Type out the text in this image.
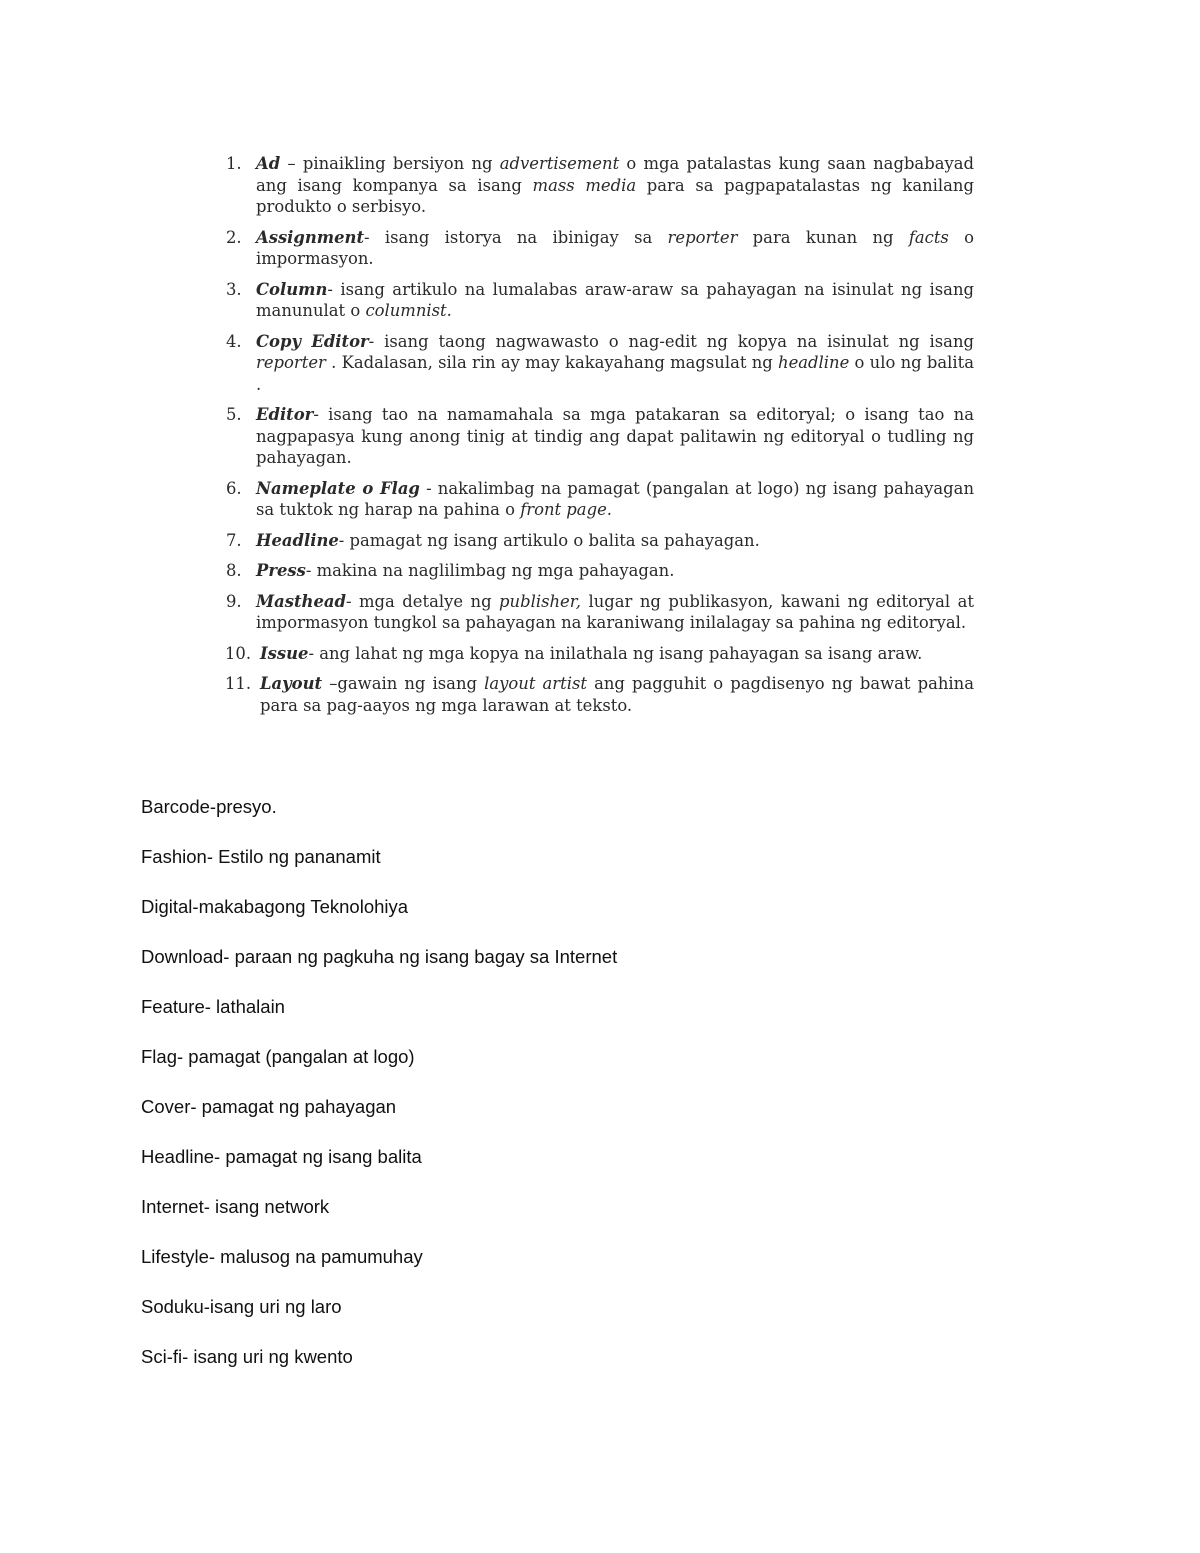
1. Ad – pinaikling bersiyon ng advertisement o mga patalastas kung saan nagbabayad ang isang kompanya sa isang mass media para sa pagpapatalastas ng kanilang produkto o serbisyo.
2. Assignment- isang istorya na ibinigay sa reporter para kunan ng facts o impormasyon.
3. Column- isang artikulo na lumalabas araw-araw sa pahayagan na isinulat ng isang manunulat o columnist.
4. Copy Editor- isang taong nagwawasto o nag-edit ng kopya na isinulat ng isang reporter . Kadalasan, sila rin ay may kakayahang magsulat ng headline o ulo ng balita .
5. Editor- isang tao na namamahala sa mga patakaran sa editoryal; o isang tao na nagpapasya kung anong tinig at tindig ang dapat palitawin ng editoryal o tudling ng pahayagan.
6. Nameplate o Flag - nakalimbag na pamagat (pangalan at logo) ng isang pahayagan sa tuktok ng harap na pahina o front page.
7. Headline- pamagat ng isang artikulo o balita sa pahayagan.
8. Press- makina na naglilimbag ng mga pahayagan.
9. Masthead- mga detalye ng publisher, lugar ng publikasyon, kawani ng editoryal at impormasyon tungkol sa pahayagan na karaniwang inilalagay sa pahina ng editoryal.
10. Issue- ang lahat ng mga kopya na inilathala ng isang pahayagan sa isang araw.
11. Layout –gawain ng isang layout artist ang pagguhit o pagdisenyo ng bawat pahina para sa pag-aayos ng mga larawan at teksto.
Barcode-presyo.
Fashion- Estilo ng pananamit
Digital-makabagong Teknolohiya
Download- paraan ng pagkuha ng isang bagay sa Internet
Feature- lathalain
Flag- pamagat (pangalan at logo)
Cover- pamagat ng pahayagan
Headline- pamagat ng isang balita
Internet- isang network
Lifestyle- malusog na pamumuhay
Soduku-isang uri ng laro
Sci-fi- isang uri ng kwento
